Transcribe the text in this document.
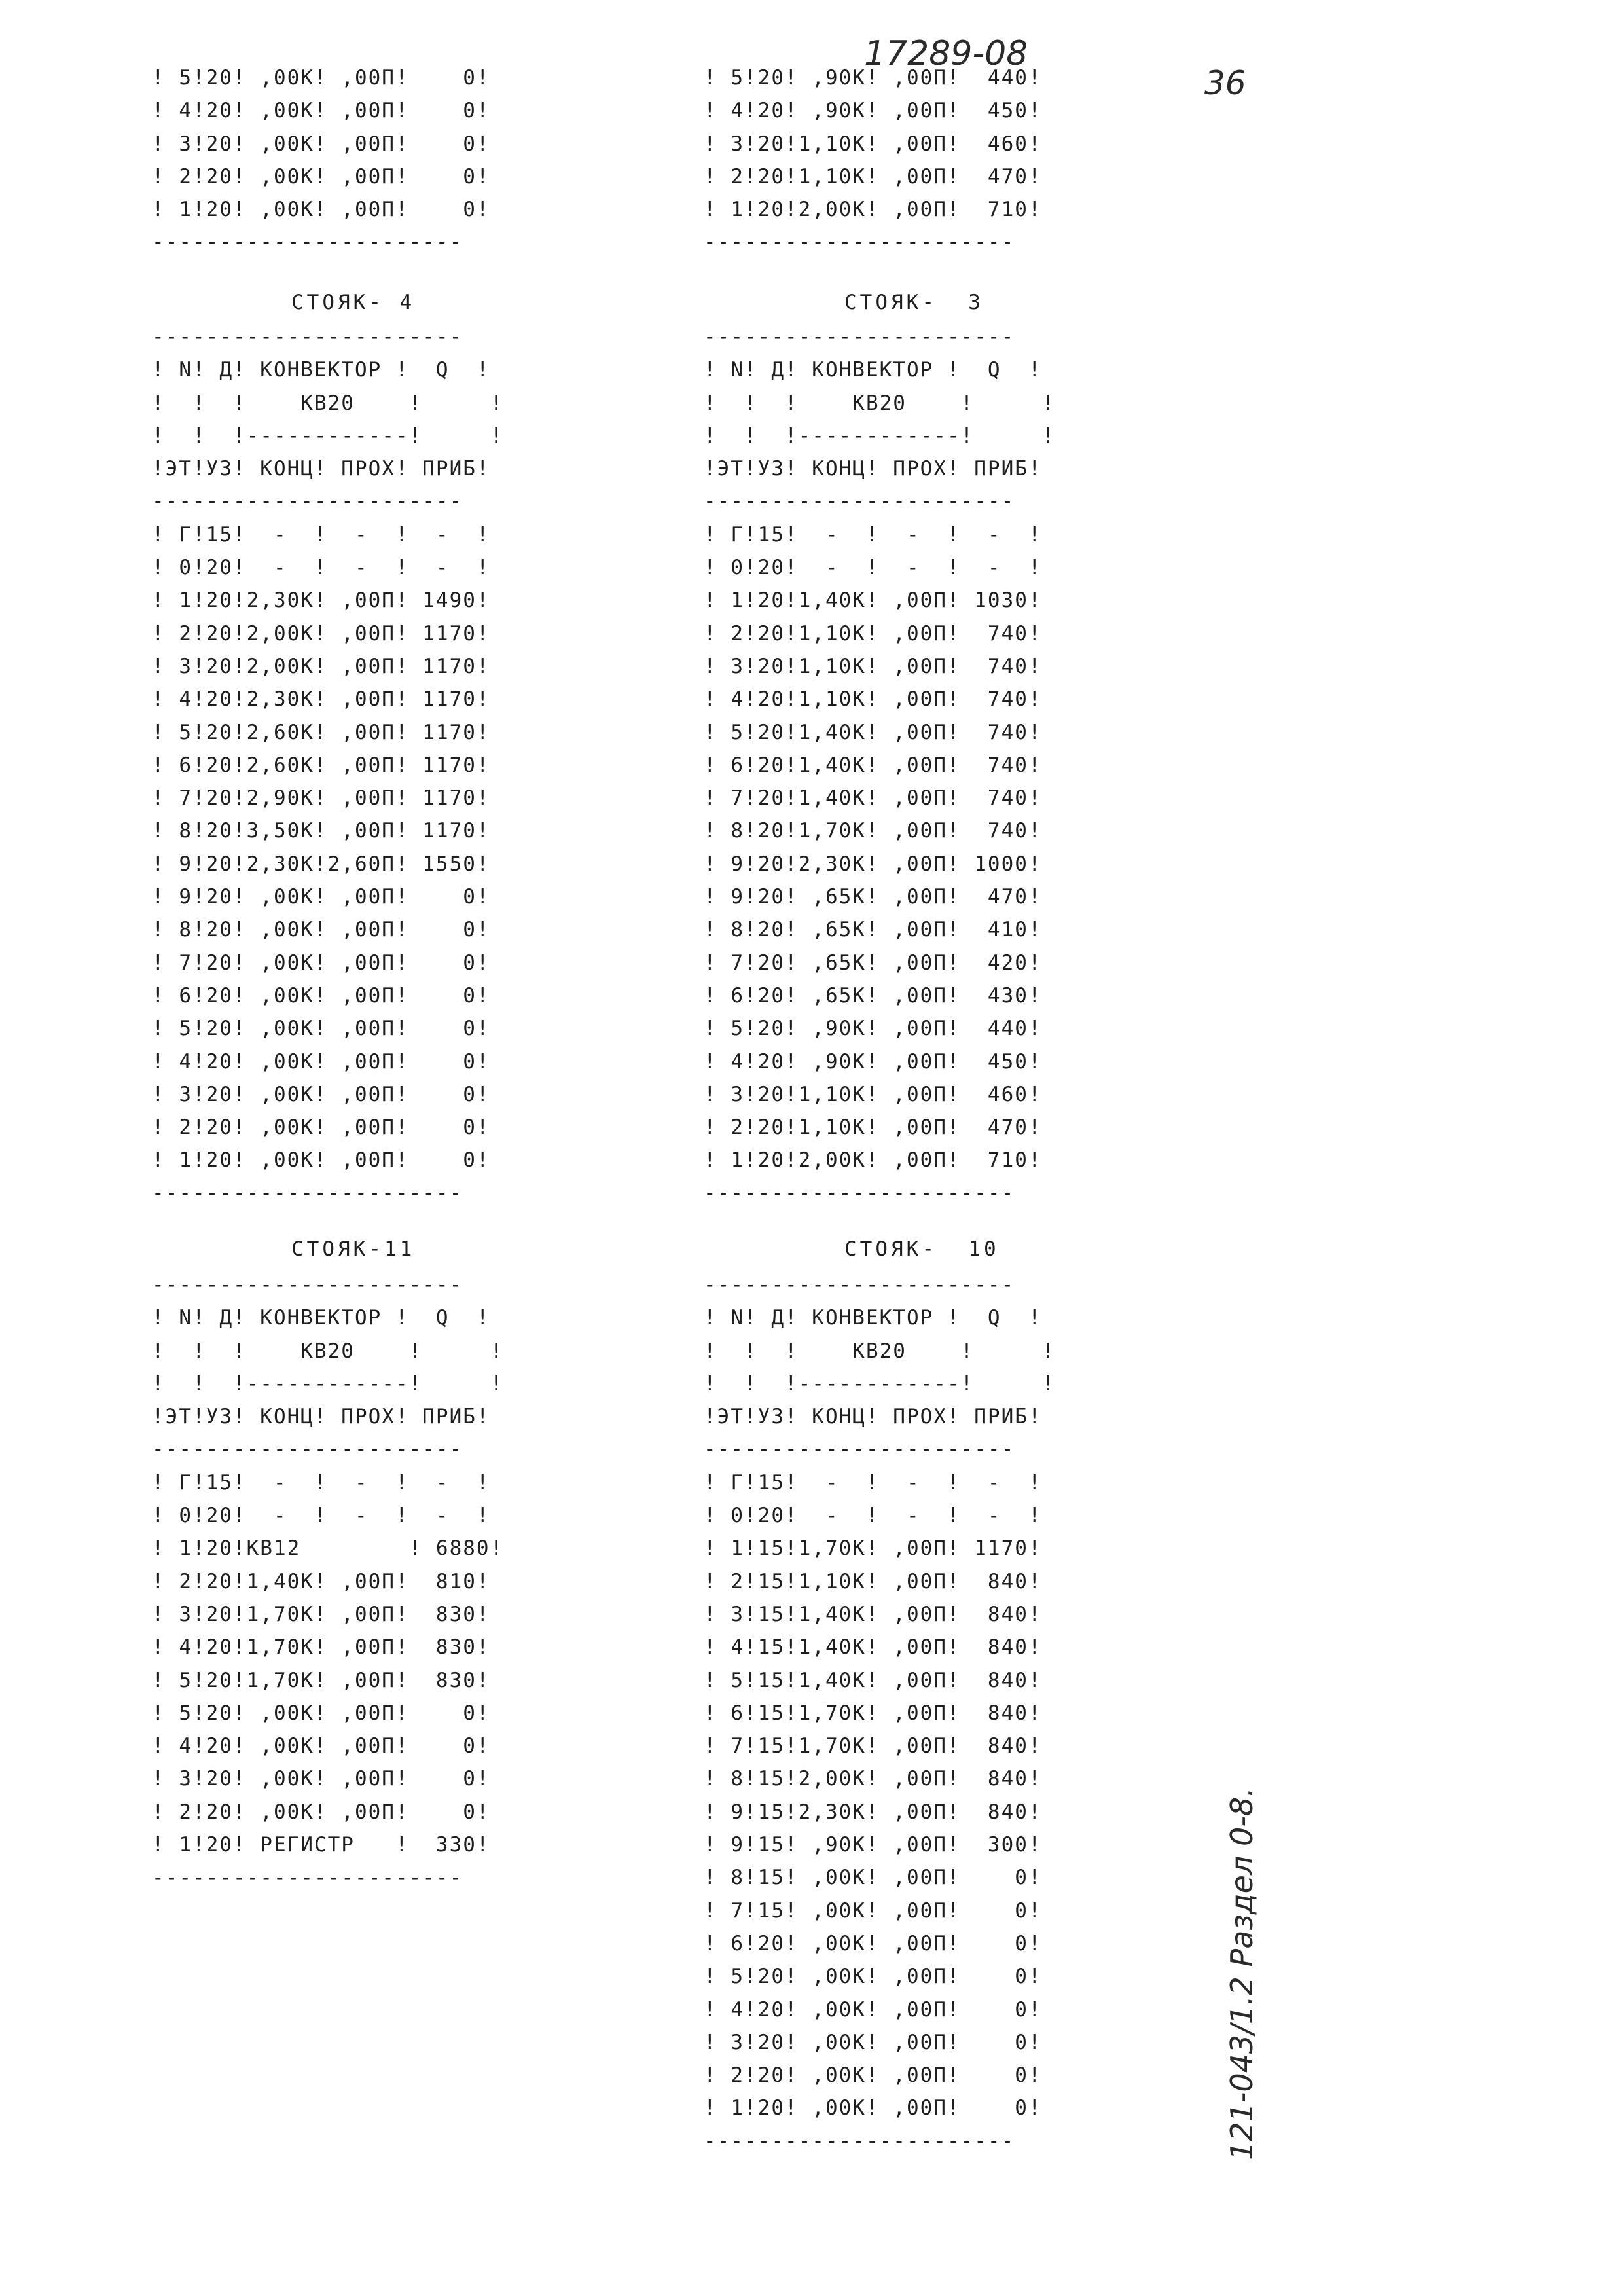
17289-08
36
121-043/1.2 Раздел 0-8.
! 5!20! ,00К! ,00П!    0!
! 4!20! ,00К! ,00П!    0!
! 3!20! ,00К! ,00П!    0!
! 2!20! ,00К! ,00П!    0!
! 1!20! ,00К! ,00П!    0!
-----------------------
! 5!20! ,90К! ,00П!  440!
! 4!20! ,90К! ,00П!  450!
! 3!20!1,10К! ,00П!  460!
! 2!20!1,10К! ,00П!  470!
! 1!20!2,00К! ,00П!  710!
-----------------------
СТОЯК- 4
-----------------------
! N! Д! КОНВЕКТОР !  Q  !
!  !  !    КВ20    !     !
!  !  !------------!     !
!ЭТ!УЗ! КОНЦ! ПРОХ! ПРИБ!
-----------------------
! Г!15!  -  !  -  !  -  !
! 0!20!  -  !  -  !  -  !
! 1!20!2,30К! ,00П! 1490!
! 2!20!2,00К! ,00П! 1170!
! 3!20!2,00К! ,00П! 1170!
! 4!20!2,30К! ,00П! 1170!
! 5!20!2,60К! ,00П! 1170!
! 6!20!2,60К! ,00П! 1170!
! 7!20!2,90К! ,00П! 1170!
! 8!20!3,50К! ,00П! 1170!
! 9!20!2,30К!2,60П! 1550!
! 9!20! ,00К! ,00П!    0!
! 8!20! ,00К! ,00П!    0!
! 7!20! ,00К! ,00П!    0!
! 6!20! ,00К! ,00П!    0!
! 5!20! ,00К! ,00П!    0!
! 4!20! ,00К! ,00П!    0!
! 3!20! ,00К! ,00П!    0!
! 2!20! ,00К! ,00П!    0!
! 1!20! ,00К! ,00П!    0!
-----------------------
СТОЯК-  3
-----------------------
! N! Д! КОНВЕКТОР !  Q  !
!  !  !    КВ20    !     !
!  !  !------------!     !
!ЭТ!УЗ! КОНЦ! ПРОХ! ПРИБ!
-----------------------
! Г!15!  -  !  -  !  -  !
! 0!20!  -  !  -  !  -  !
! 1!20!1,40К! ,00П! 1030!
! 2!20!1,10К! ,00П!  740!
! 3!20!1,10К! ,00П!  740!
! 4!20!1,10К! ,00П!  740!
! 5!20!1,40К! ,00П!  740!
! 6!20!1,40К! ,00П!  740!
! 7!20!1,40К! ,00П!  740!
! 8!20!1,70К! ,00П!  740!
! 9!20!2,30К! ,00П! 1000!
! 9!20! ,65К! ,00П!  470!
! 8!20! ,65К! ,00П!  410!
! 7!20! ,65К! ,00П!  420!
! 6!20! ,65К! ,00П!  430!
! 5!20! ,90К! ,00П!  440!
! 4!20! ,90К! ,00П!  450!
! 3!20!1,10К! ,00П!  460!
! 2!20!1,10К! ,00П!  470!
! 1!20!2,00К! ,00П!  710!
-----------------------
СТОЯК-11
-----------------------
! N! Д! КОНВЕКТОР !  Q  !
!  !  !    КВ20    !     !
!  !  !------------!     !
!ЭТ!УЗ! КОНЦ! ПРОХ! ПРИБ!
-----------------------
! Г!15!  -  !  -  !  -  !
! 0!20!  -  !  -  !  -  !
! 1!20!КВ12        ! 6880!
! 2!20!1,40К! ,00П!  810!
! 3!20!1,70К! ,00П!  830!
! 4!20!1,70К! ,00П!  830!
! 5!20!1,70К! ,00П!  830!
! 5!20! ,00К! ,00П!    0!
! 4!20! ,00К! ,00П!    0!
! 3!20! ,00К! ,00П!    0!
! 2!20! ,00К! ,00П!    0!
! 1!20! РЕГИСТР   !  330!
-----------------------
СТОЯК-  10
-----------------------
! N! Д! КОНВЕКТОР !  Q  !
!  !  !    КВ20    !     !
!  !  !------------!     !
!ЭТ!УЗ! КОНЦ! ПРОХ! ПРИБ!
-----------------------
! Г!15!  -  !  -  !  -  !
! 0!20!  -  !  -  !  -  !
! 1!15!1,70К! ,00П! 1170!
! 2!15!1,10К! ,00П!  840!
! 3!15!1,40К! ,00П!  840!
! 4!15!1,40К! ,00П!  840!
! 5!15!1,40К! ,00П!  840!
! 6!15!1,70К! ,00П!  840!
! 7!15!1,70К! ,00П!  840!
! 8!15!2,00К! ,00П!  840!
! 9!15!2,30К! ,00П!  840!
! 9!15! ,90К! ,00П!  300!
! 8!15! ,00К! ,00П!    0!
! 7!15! ,00К! ,00П!    0!
! 6!20! ,00К! ,00П!    0!
! 5!20! ,00К! ,00П!    0!
! 4!20! ,00К! ,00П!    0!
! 3!20! ,00К! ,00П!    0!
! 2!20! ,00К! ,00П!    0!
! 1!20! ,00К! ,00П!    0!
-----------------------
